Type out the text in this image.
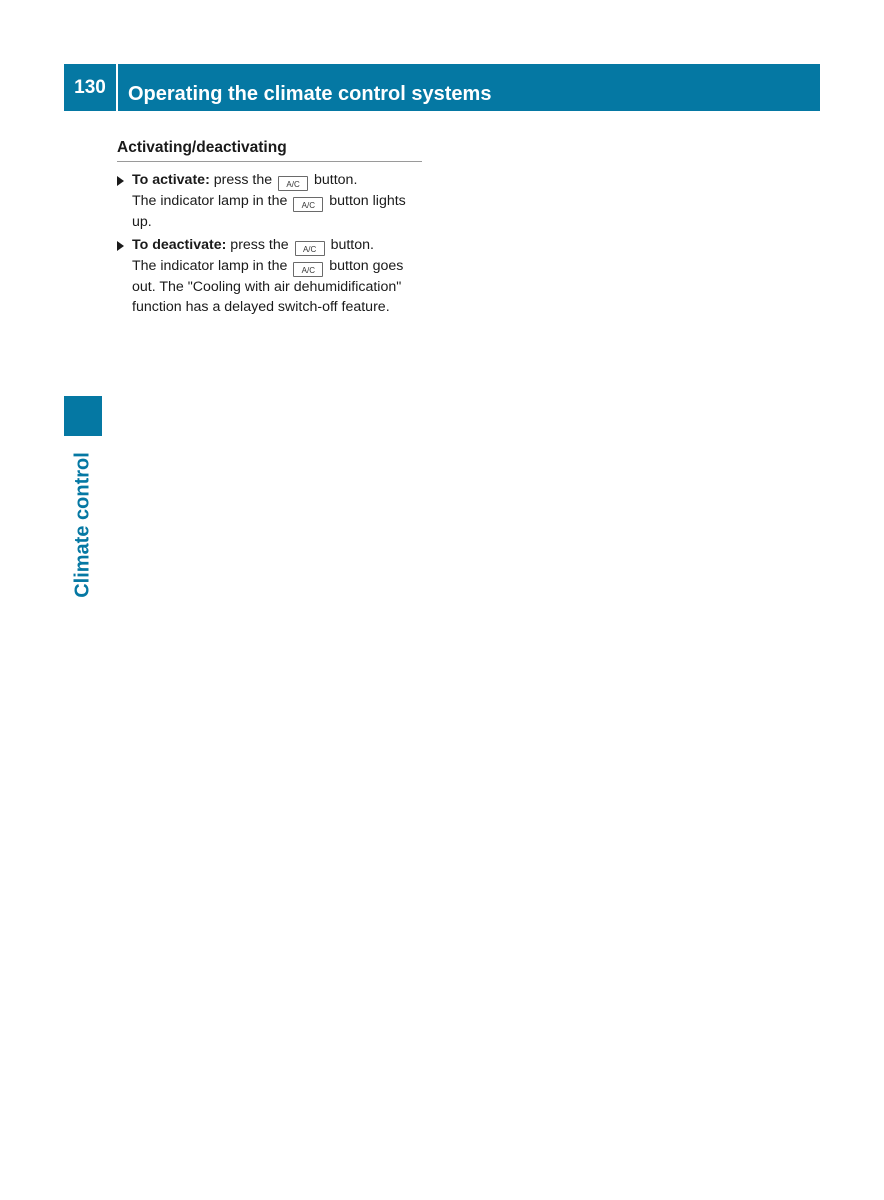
130	Operating the climate control systems
Climate control
Activating/deactivating
To activate: press the A/C button.
The indicator lamp in the A/C button lights
up.
To deactivate: press the A/C button.
The indicator lamp in the A/C button goes
out. The "Cooling with air dehumidification"
function has a delayed switch-off feature.
